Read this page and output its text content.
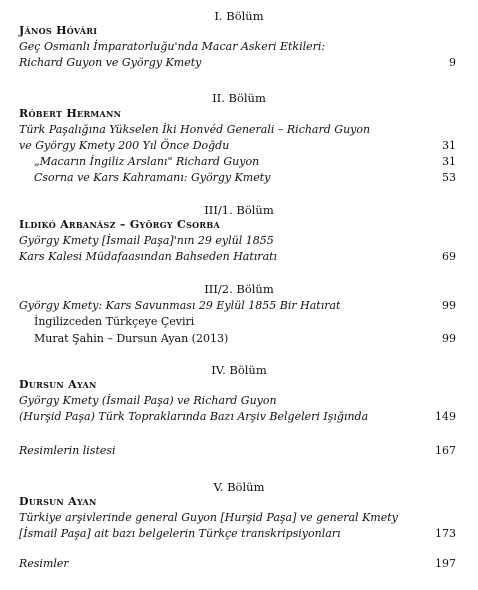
I. Bölüm
János Hóvári
Geç Osmanlı İmparatorluğu'nda Macar Askeri Etkileri:
Richard Guyon ve György Kmety	9
II. Bölüm
Róbert Hermann
Türk Paşalığına Yükselen İki Honvéd Generali – Richard Guyon
ve György Kmety 200 Yıl Önce Doğdu	31
„Macarın İngiliz Arslanı" Richard Guyon	31
Csorna ve Kars Kahramanı: György Kmety	53
III/1. Bölüm
Ildikó Arbanász – György Csorba
György Kmety [İsmail Paşa]'nın 29 eylül 1855
Kars Kalesi Müdafaasından Bahseden Hatıratı	69
III/2. Bölüm
György Kmety: Kars Savunması 29 Eylül 1855 Bir Hatırat	99
İngilizceden Türkçeye Çeviri
Murat Şahin – Dursun Ayan (2013)	99
IV. Bölüm
Dursun Ayan
György Kmety (İsmail Paşa) ve Richard Guyon
(Hurşid Paşa) Türk Topraklarında Bazı Arşiv Belgeleri Işığında	149
Resimlerin listesi	167
V. Bölüm
Dursun Ayan
Türkiye arşivlerinde general Guyon [Hurşid Paşa] ve general Kmety
[İsmail Paşa] ait bazı belgelerin Türkçe transkripsiyonları	173
Resimler	197
